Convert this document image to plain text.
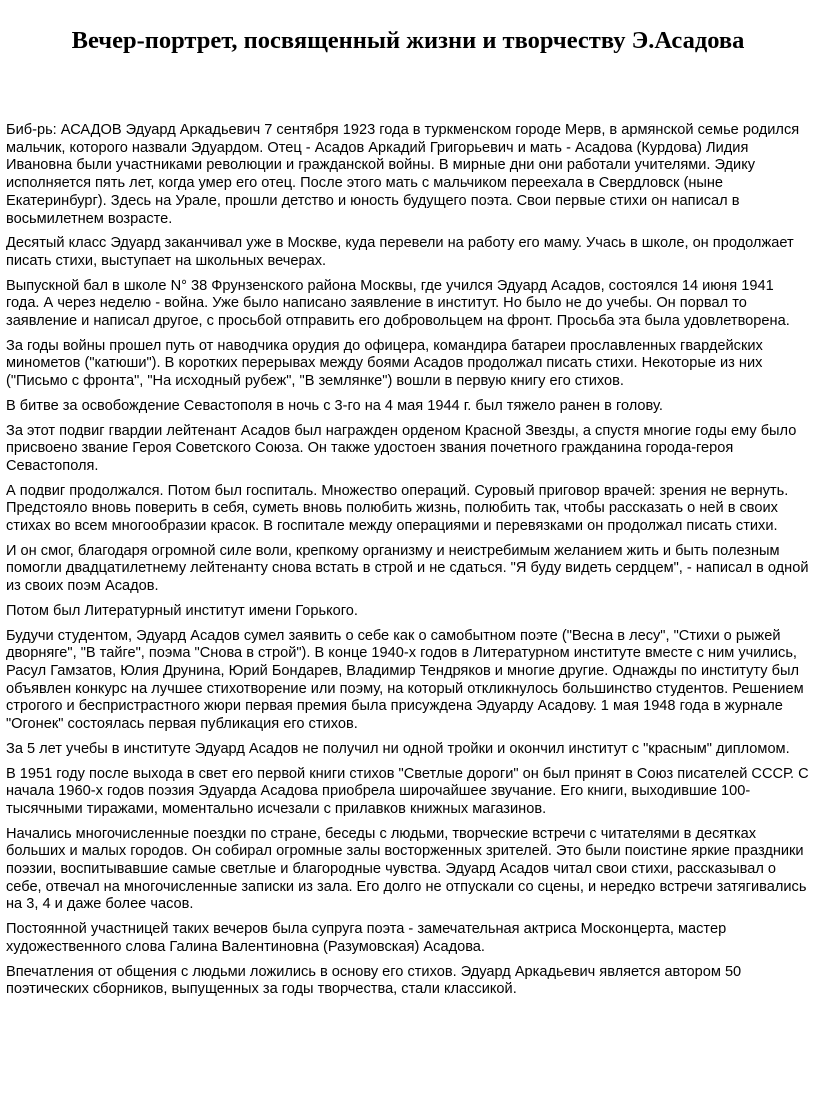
Вечер-портрет, посвященный жизни и творчеству Э.Асадова

Биб-рь: АСАДОВ Эдуард Аркадьевич 7 сентября 1923 года в туркменском городе Мерв, в армянской семье родился мальчик, которого назвали Эдуардом. Отец - Асадов Аркадий Григорьевич и мать - Асадова (Курдова) Лидия Ивановна были участниками революции и гражданской войны. В мирные дни они работали учителями. Эдику исполняется пять лет, когда умер его отец. После этого мать с мальчиком переехала в Свердловск (ныне Екатеринбург). Здесь на Урале, прошли детство и юность будущего поэта. Свои первые стихи он написал в восьмилетнем возрасте.

Десятый класс Эдуард заканчивал уже в Москве, куда перевели на работу его маму. Учась в школе, он продолжает писать стихи, выступает на школьных вечерах.

Выпускной бал в школе N° 38 Фрунзенского района Москвы, где учился Эдуард Асадов, состоялся 14 июня 1941 года. А через неделю - война. Уже было написано заявление в институт. Но было не до учебы. Он порвал то заявление и написал другое, с просьбой отправить его добровольцем на фронт. Просьба эта была удовлетворена.

За годы войны прошел путь от наводчика орудия до офицера, командира батареи прославленных гвардейских минометов ("катюши"). В коротких перерывах между боями Асадов продолжал писать стихи. Некоторые из них ("Письмо с фронта", "На исходный рубеж", "В землянке") вошли в первую книгу его стихов.

В битве за освобождение Севастополя в ночь с 3-го на 4 мая 1944 г. был тяжело ранен в голову.

За этот подвиг гвардии лейтенант Асадов был награжден орденом Красной Звезды, а спустя многие годы ему было присвоено звание Героя Советского Союза. Он также удостоен звания почетного гражданина города-героя Севастополя.

А подвиг продолжался. Потом был госпиталь. Множество операций. Суровый приговор врачей: зрения не вернуть. Предстояло вновь поверить в себя, суметь вновь полюбить жизнь, полюбить так, чтобы рассказать о ней в своих стихах во всем многообразии красок. В госпитале между операциями и перевязками он продолжал писать стихи.

И он смог, благодаря огромной силе воли, крепкому организму и неистребимым желанием жить и быть полезным помогли двадцатилетнему лейтенанту снова встать в строй и не сдаться. "Я буду видеть сердцем", - написал в одной из своих поэм Асадов.

Потом был Литературный институт имени Горького.

Будучи студентом, Эдуард Асадов сумел заявить о себе как о самобытном поэте ("Весна в лесу", "Стихи о рыжей дворняге", "В тайге", поэма "Снова в строй"). В конце 1940-х годов в Литературном институте вместе с ним учились, Расул Гамзатов, Юлия Друнина, Юрий Бондарев, Владимир Тендряков и многие другие. Однажды по институту был объявлен конкурс на лучшее стихотворение или поэму, на который откликнулось большинство студентов. Решением строгого и беспристрастного жюри первая премия была присуждена Эдуарду Асадову. 1 мая 1948 года в журнале "Огонек" состоялась первая публикация его стихов.

За 5 лет учебы в институте Эдуард Асадов не получил ни одной тройки и окончил институт с "красным" дипломом.

В 1951 году после выхода в свет его первой книги стихов "Светлые дороги" он был принят в Союз писателей СССР. С начала 1960-х годов поэзия Эдуарда Асадова приобрела широчайшее звучание. Его книги, выходившие 100-тысячными тиражами, моментально исчезали с прилавков книжных магазинов.

Начались многочисленные поездки по стране, беседы с людьми, творческие встречи с читателями в десятках больших и малых городов. Он собирал огромные залы восторженных зрителей. Это были поистине яркие праздники поэзии, воспитывавшие самые светлые и благородные чувства. Эдуард Асадов читал свои стихи, рассказывал о себе, отвечал на многочисленные записки из зала. Его долго не отпускали со сцены, и нередко встречи затягивались на 3, 4 и даже более часов.

Постоянной участницей таких вечеров была супруга поэта - замечательная актриса Москонцерта, мастер художественного слова Галина Валентиновна (Разумовская) Асадова.

Впечатления от общения с людьми ложились в основу его стихов. Эдуард Аркадьевич является автором 50 поэтических сборников, выпущенных за годы творчества, стали классикой.
